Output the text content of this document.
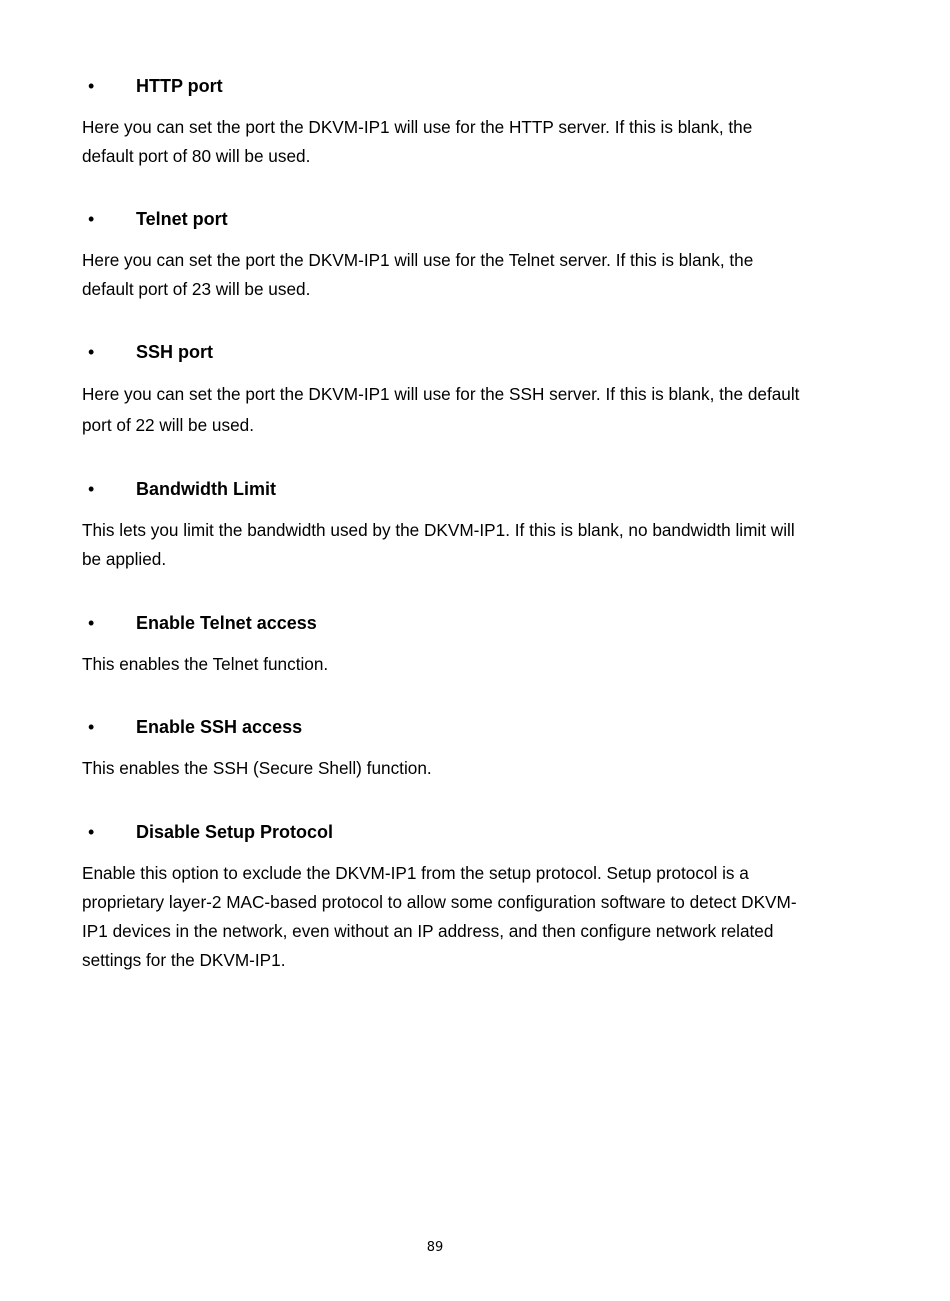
• HTTP port
Here you can set the port the DKVM-IP1 will use for the HTTP server. If this is blank, the default port of 80 will be used.
• Telnet port
Here you can set the port the DKVM-IP1 will use for the Telnet server. If this is blank, the default port of 23 will be used.
• SSH port
Here you can set the port the DKVM-IP1 will use for the SSH server. If this is blank, the default port of 22 will be used.
• Bandwidth Limit
This lets you limit the bandwidth used by the DKVM-IP1. If this is blank, no bandwidth limit will be applied.
• Enable Telnet access
This enables the Telnet function.
• Enable SSH access
This enables the SSH (Secure Shell) function.
• Disable Setup Protocol
Enable this option to exclude the DKVM-IP1 from the setup protocol. Setup protocol is a proprietary layer-2 MAC-based protocol to allow some configuration software to detect DKVM-IP1 devices in the network, even without an IP address, and then configure network related settings for the DKVM-IP1.
89
